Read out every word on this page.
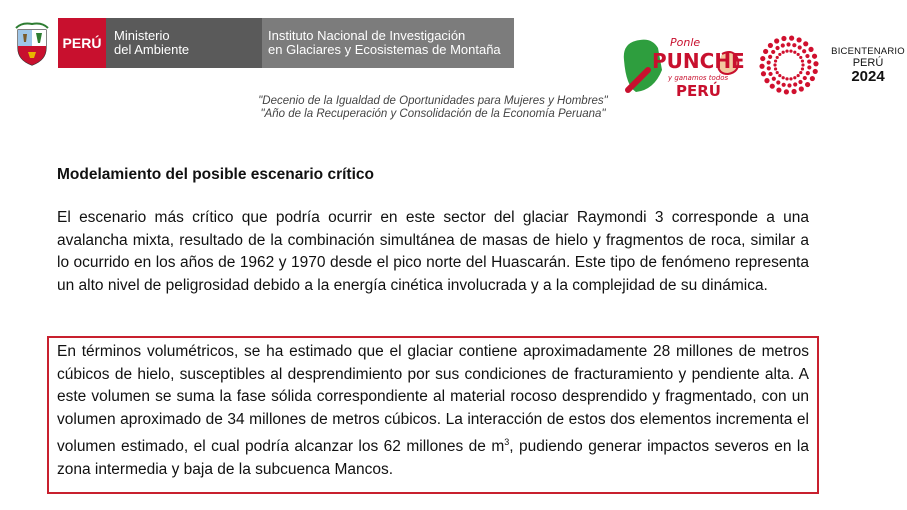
PERÚ Ministerio
del Ambiente
Instituto Nacional de Investigación
en Glaciares y Ecosistemas de Montaña
"Decenio de la Igualdad de Oportunidades para Mujeres y Hombres"
"Año de la Recuperación y Consolidación de la Economía Peruana"
Ponle
PUNCHE
y ganamos todos
PERÚ
BICENTENARIO
PERÚ
2024
Modelamiento del posible escenario crítico

El escenario más crítico que podría ocurrir en este sector del glaciar Raymondi 3 corresponde a una avalancha mixta, resultado de la combinación simultánea de masas de hielo y fragmentos de roca, similar a lo ocurrido en los años de 1962 y 1970 desde el pico norte del Huascarán. Este tipo de fenómeno representa un alto nivel de peligrosidad debido a la energía cinética involucrada y a la complejidad de su dinámica.

En términos volumétricos, se ha estimado que el glaciar contiene aproximadamente 28 millones de metros cúbicos de hielo, susceptibles al desprendimiento por sus condiciones de fracturamiento y pendiente alta. A este volumen se suma la fase sólida correspondiente al material rocoso desprendido y fragmentado, con un volumen aproximado de 34 millones de metros cúbicos. La interacción de estos dos elementos incrementa el volumen estimado, el cual podría alcanzar los 62 millones de $m^3$, pudiendo generar impactos severos en la zona intermedia y baja de la subcuenca Mancos.
